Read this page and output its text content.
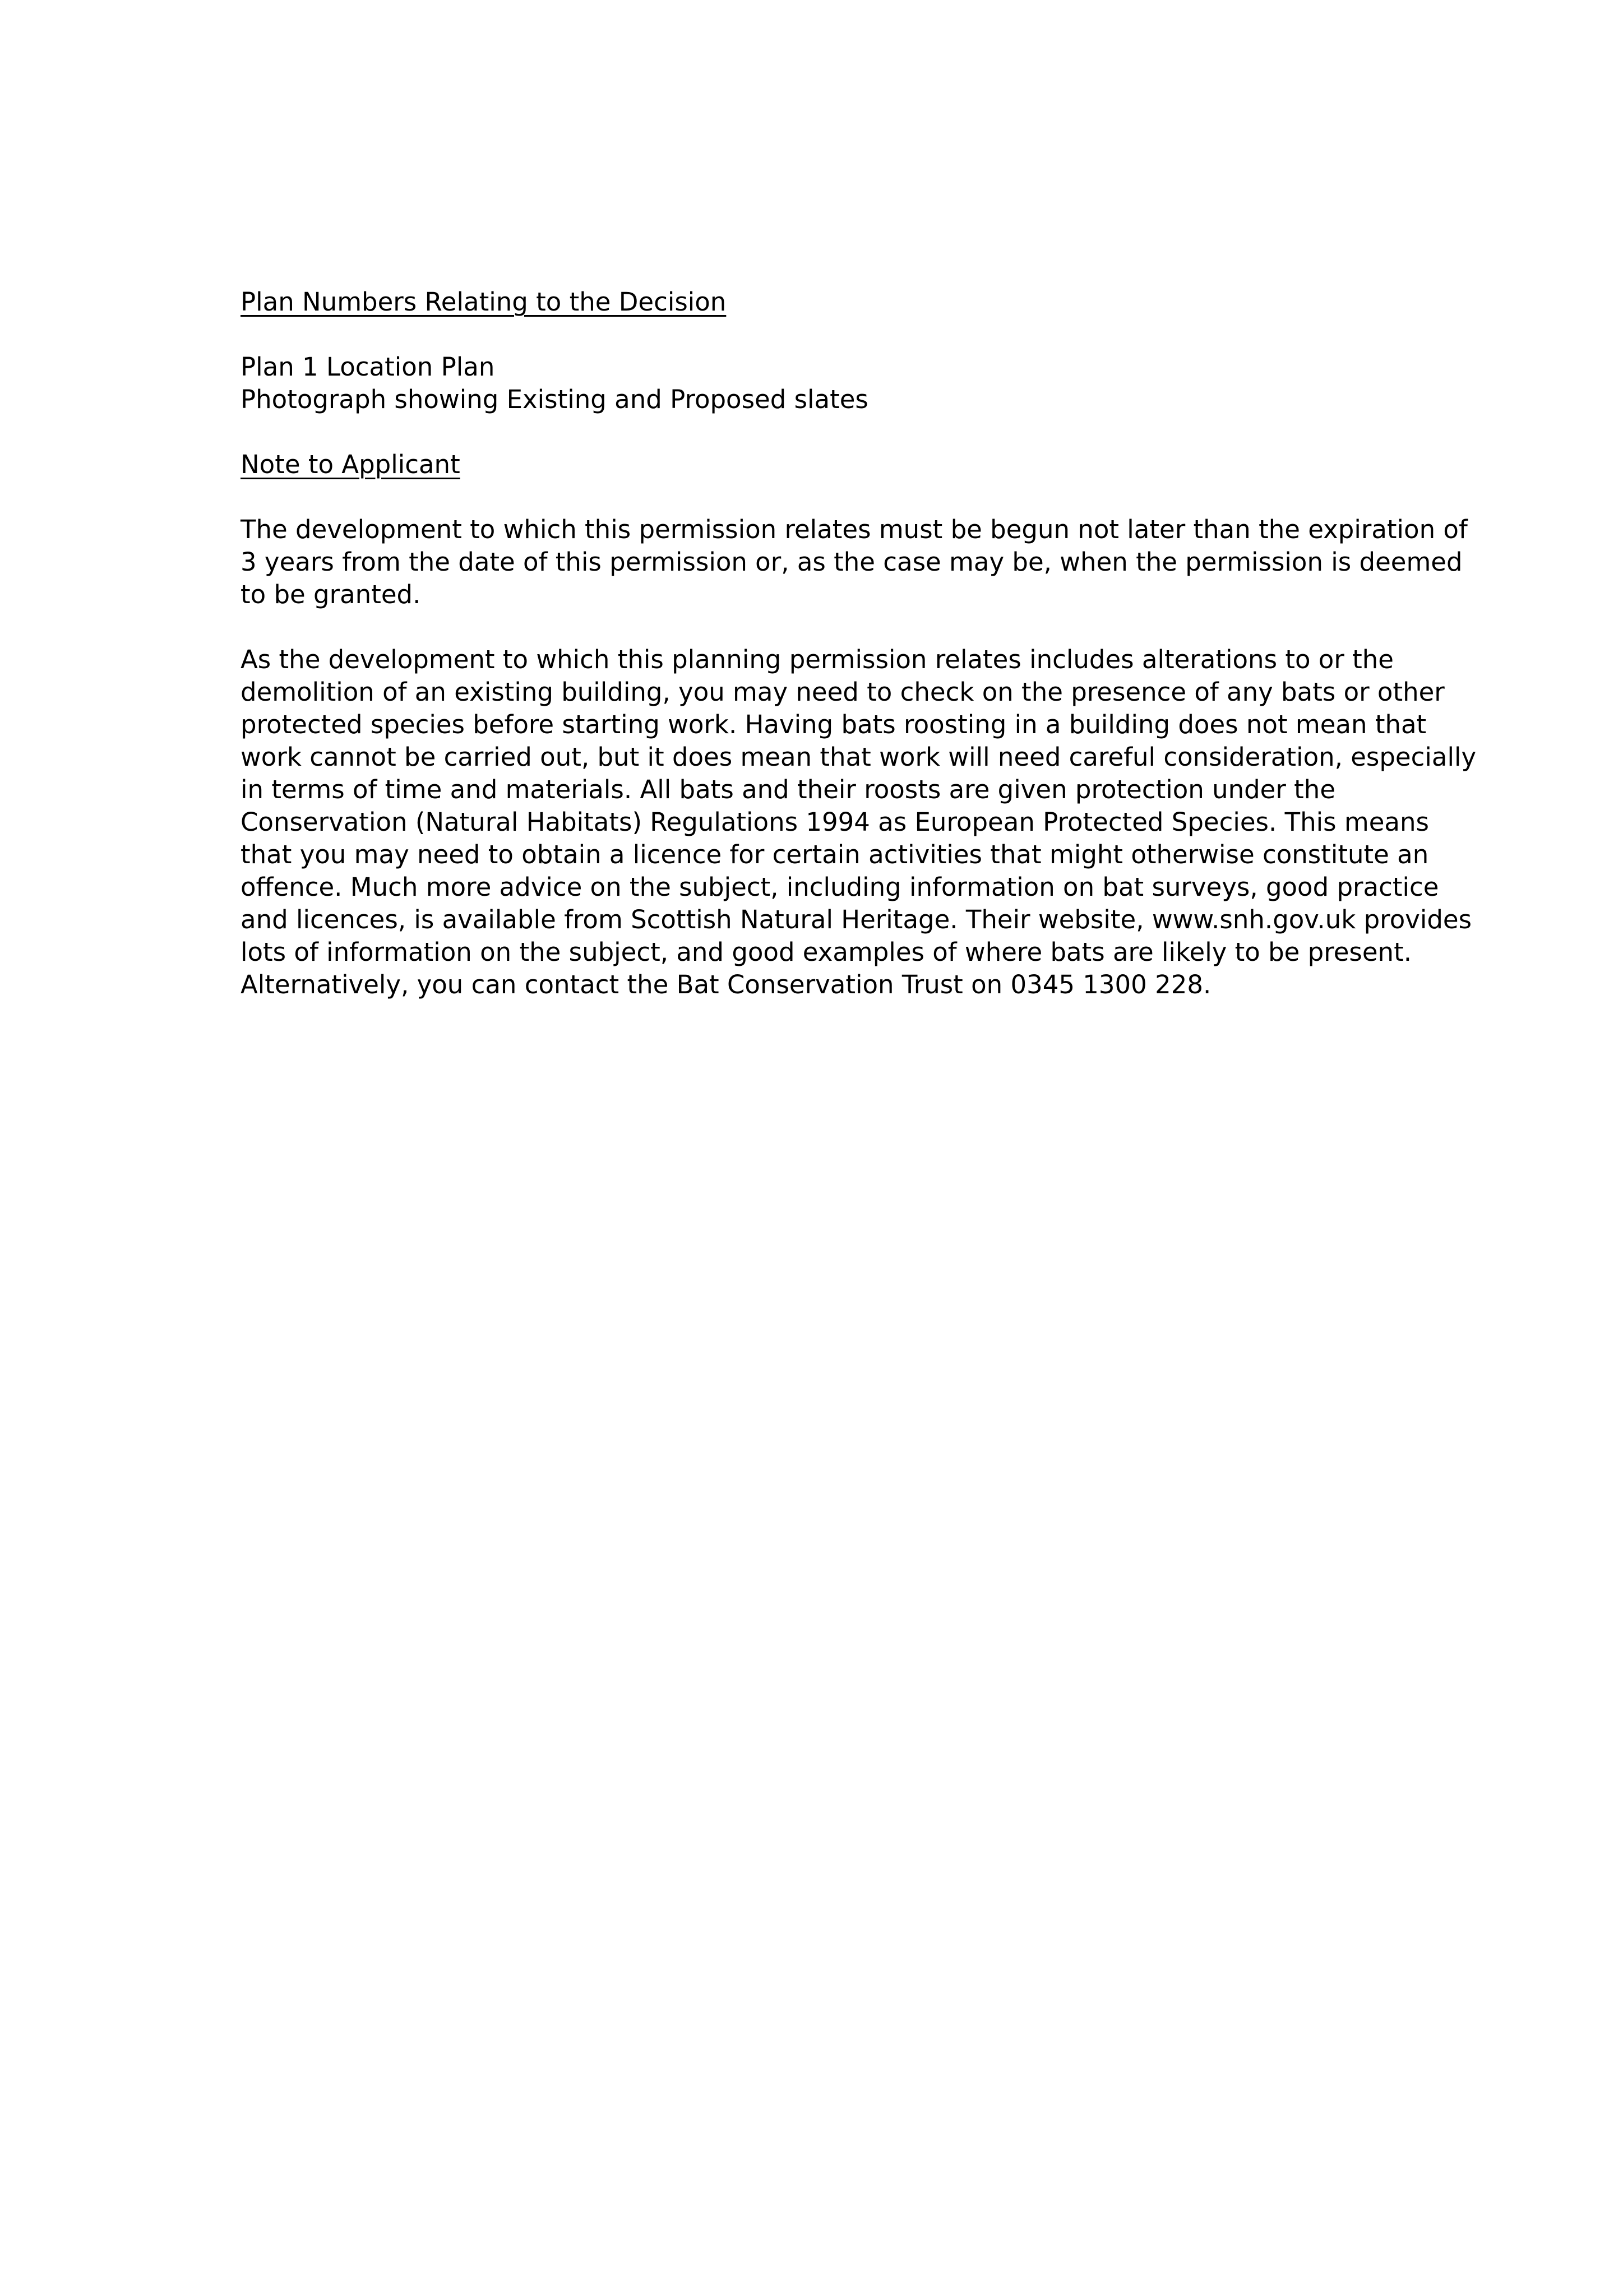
Plan Numbers Relating to the Decision

Plan 1 Location Plan
Photograph showing Existing and Proposed slates

Note to Applicant

The development to which this permission relates must be begun not later than the expiration of
3 years from the date of this permission or, as the case may be, when the permission is deemed
to be granted.
As the development to which this planning permission relates includes alterations to or the
demolition of an existing building, you may need to check on the presence of any bats or other
protected species before starting work. Having bats roosting in a building does not mean that
work cannot be carried out, but it does mean that work will need careful consideration, especially
in terms of time and materials. All bats and their roosts are given protection under the
Conservation (Natural Habitats) Regulations 1994 as European Protected Species. This means
that you may need to obtain a licence for certain activities that might otherwise constitute an
offence. Much more advice on the subject, including information on bat surveys, good practice
and licences, is available from Scottish Natural Heritage. Their website, www.snh.gov.uk provides
lots of information on the subject, and good examples of where bats are likely to be present.
Alternatively, you can contact the Bat Conservation Trust on 0345 1300 228.
